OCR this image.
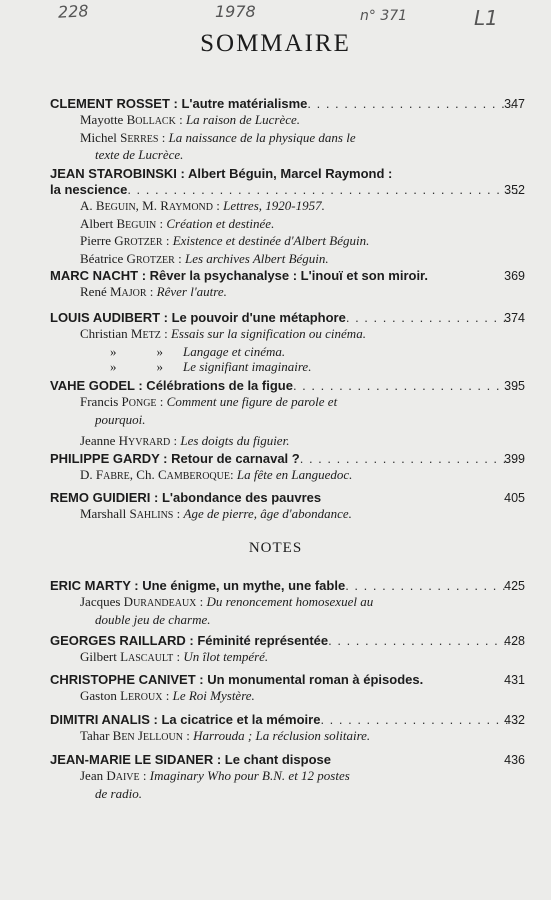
228	1978	n° 371	L1
SOMMAIRE
CLEMENT ROSSET : L'autre matérialisme . . .	347
Mayotte BOLLACK : La raison de Lucrèce.
Michel SERRES : La naissance de la physique dans le
texte de Lucrèce.
JEAN STAROBINSKI : Albert Béguin, Marcel Raymond :
la nescience . . .	352
A. BEGUIN, M. RAYMOND : Lettres, 1920-1957.
Albert BEGUIN : Création et destinée.
Pierre GROTZER : Existence et destinée d'Albert Béguin.
Béatrice GROTZER : Les archives Albert Béguin.
MARC NACHT : Rêver la psychanalyse : L'inouï et son miroir.	369
René MAJOR : Rêver l'autre.
LOUIS AUDIBERT : Le pouvoir d'une métaphore . . .	374
Christian METZ : Essais sur la signification ou cinéma.
»	» Langage et cinéma.
»	» Le signifiant imaginaire.
VAHE GODEL : Célébrations de la figue . . .	395
Francis PONGE : Comment une figure de parole et
pourquoi.
Jeanne HYVRARD : Les doigts du figuier.
PHILIPPE GARDY : Retour de carnaval ? . . .	399
D. FABRE, Ch. CAMBEROQUE: La fête en Languedoc.
REMO GUIDIERI : L'abondance des pauvres	405
Marshall SAHLINS : Age de pierre, âge d'abondance.
NOTES
ERIC MARTY : Une énigme, un mythe, une fable . . .	425
Jacques DURANDEAUX : Du renoncement homosexuel au
double jeu de charme.
GEORGES RAILLARD : Féminité représentée . . .	428
Gilbert LASCAULT : Un îlot tempéré.
CHRISTOPHE CANIVET : Un monumental roman à épisodes.	431
Gaston LEROUX : Le Roi Mystère.
DIMITRI ANALIS : La cicatrice et la mémoire . . .	432
Tahar BEN JELLOUN : Harrouda ; La réclusion solitaire.
JEAN-MARIE LE SIDANER : Le chant dispose	436
Jean DAIVE : Imaginary Who pour B.N. et 12 postes
de radio.
